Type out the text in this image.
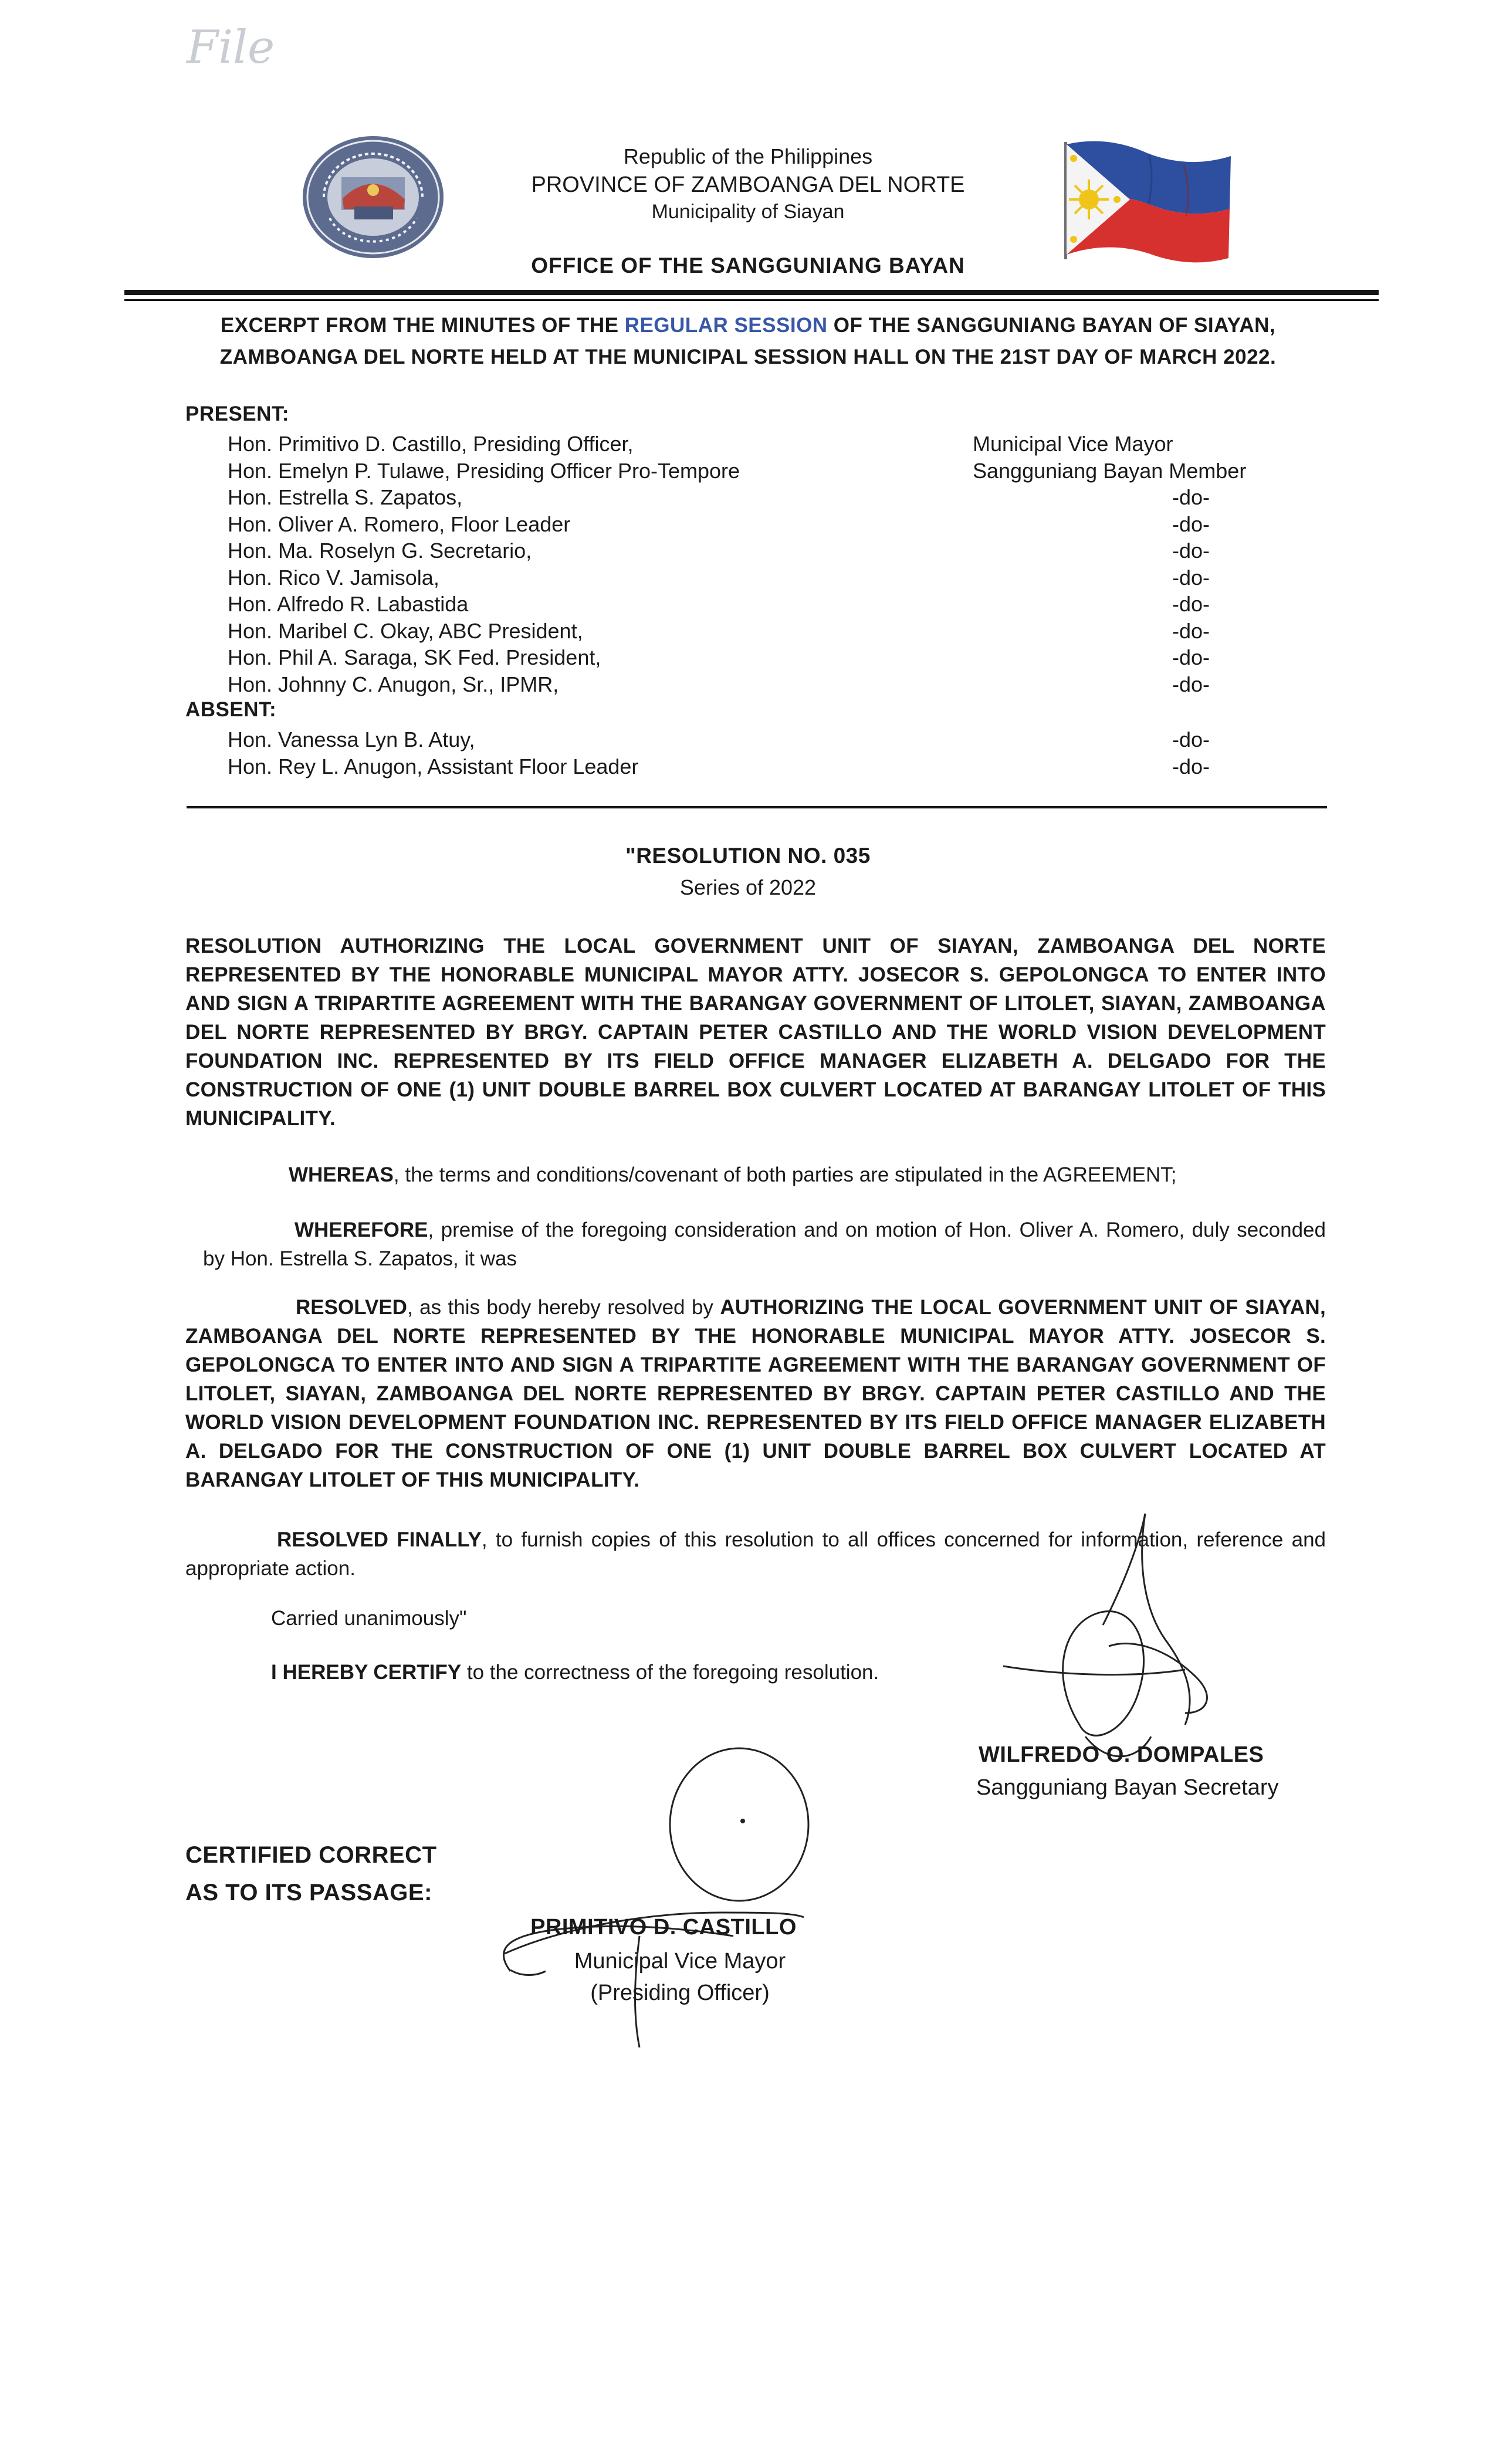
File
Republic of the Philippines
PROVINCE OF ZAMBOANGA DEL NORTE
Municipality of Siayan
OFFICE OF THE SANGGUNIANG BAYAN
EXCERPT FROM THE MINUTES OF THE REGULAR SESSION OF THE SANGGUNIANG BAYAN OF SIAYAN, ZAMBOANGA DEL NORTE HELD AT THE MUNICIPAL SESSION HALL ON THE 21ST DAY OF MARCH 2022.
PRESENT:
Hon. Primitivo D. Castillo, Presiding Officer,	Municipal Vice Mayor
Hon. Emelyn P. Tulawe, Presiding Officer Pro-Tempore	Sangguniang Bayan Member
Hon. Estrella S. Zapatos,	-do-
Hon. Oliver A. Romero, Floor Leader	-do-
Hon. Ma. Roselyn G. Secretario,	-do-
Hon. Rico V. Jamisola,	-do-
Hon. Alfredo R. Labastida	-do-
Hon. Maribel C. Okay, ABC President,	-do-
Hon. Phil A. Saraga, SK Fed. President,	-do-
Hon. Johnny C. Anugon, Sr., IPMR,	-do-
ABSENT:
Hon. Vanessa Lyn B. Atuy,	-do-
Hon. Rey L. Anugon, Assistant Floor Leader	-do-
"RESOLUTION NO. 035
Series of 2022
RESOLUTION AUTHORIZING THE LOCAL GOVERNMENT UNIT OF SIAYAN, ZAMBOANGA DEL NORTE REPRESENTED BY THE HONORABLE MUNICIPAL MAYOR ATTY. JOSECOR S. GEPOLONGCA TO ENTER INTO AND SIGN A TRIPARTITE AGREEMENT WITH THE BARANGAY GOVERNMENT OF LITOLET, SIAYAN, ZAMBOANGA DEL NORTE REPRESENTED BY BRGY. CAPTAIN PETER CASTILLO AND THE WORLD VISION DEVELOPMENT FOUNDATION INC. REPRESENTED BY ITS FIELD OFFICE MANAGER ELIZABETH A. DELGADO FOR THE CONSTRUCTION OF ONE (1) UNIT DOUBLE BARREL BOX CULVERT LOCATED AT BARANGAY LITOLET OF THIS MUNICIPALITY.
WHEREAS, the terms and conditions/covenant of both parties are stipulated in the AGREEMENT;
WHEREFORE, premise of the foregoing consideration and on motion of Hon. Oliver A. Romero, duly seconded by Hon. Estrella S. Zapatos, it was
RESOLVED, as this body hereby resolved by AUTHORIZING THE LOCAL GOVERNMENT UNIT OF SIAYAN, ZAMBOANGA DEL NORTE REPRESENTED BY THE HONORABLE MUNICIPAL MAYOR ATTY. JOSECOR S. GEPOLONGCA TO ENTER INTO AND SIGN A TRIPARTITE AGREEMENT WITH THE BARANGAY GOVERNMENT OF LITOLET, SIAYAN, ZAMBOANGA DEL NORTE REPRESENTED BY BRGY. CAPTAIN PETER CASTILLO AND THE WORLD VISION DEVELOPMENT FOUNDATION INC. REPRESENTED BY ITS FIELD OFFICE MANAGER ELIZABETH A. DELGADO FOR THE CONSTRUCTION OF ONE (1) UNIT DOUBLE BARREL BOX CULVERT LOCATED AT BARANGAY LITOLET OF THIS MUNICIPALITY.
RESOLVED FINALLY, to furnish copies of this resolution to all offices concerned for information, reference and appropriate action.
Carried unanimously"
I HEREBY CERTIFY to the correctness of the foregoing resolution.
WILFREDO O. DOMPALES
Sangguniang Bayan Secretary
CERTIFIED CORRECT
AS TO ITS PASSAGE:
PRIMITIVO D. CASTILLO
Municipal Vice Mayor
(Presiding Officer)
